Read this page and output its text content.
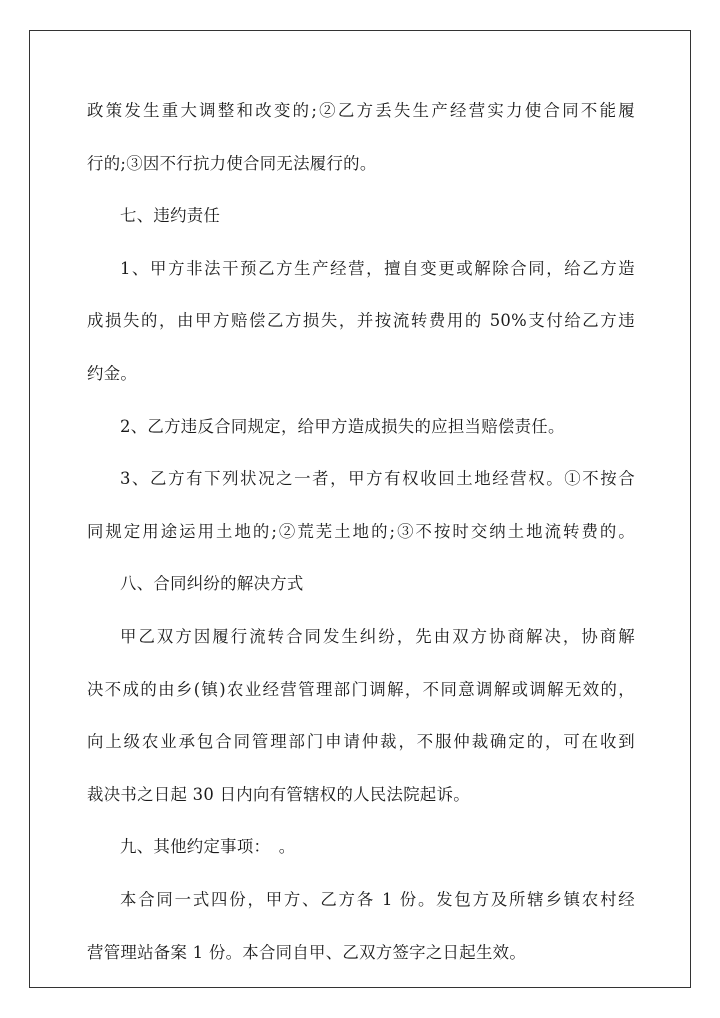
政策发生重大调整和改变的;②乙方丢失生产经营实力使合同不能履
行的;③因不行抗力使合同无法履行的。
七、违约责任
1、甲方非法干预乙方生产经营，擅自变更或解除合同，给乙方造
成损失的，由甲方赔偿乙方损失，并按流转费用的 50%支付给乙方违
约金。
2、乙方违反合同规定，给甲方造成损失的应担当赔偿责任。
3、乙方有下列状况之一者，甲方有权收回土地经营权。①不按合
同规定用途运用土地的;②荒芜土地的;③不按时交纳土地流转费的。
八、合同纠纷的解决方式
甲乙双方因履行流转合同发生纠纷，先由双方协商解决，协商解
决不成的由乡(镇)农业经营管理部门调解，不同意调解或调解无效的，
向上级农业承包合同管理部门申请仲裁，不服仲裁确定的，可在收到
裁决书之日起 30 日内向有管辖权的人民法院起诉。
九、其他约定事项：　。
本合同一式四份，甲方、乙方各 1 份。发包方及所辖乡镇农村经
营管理站备案 1 份。本合同自甲、乙双方签字之日起生效。
